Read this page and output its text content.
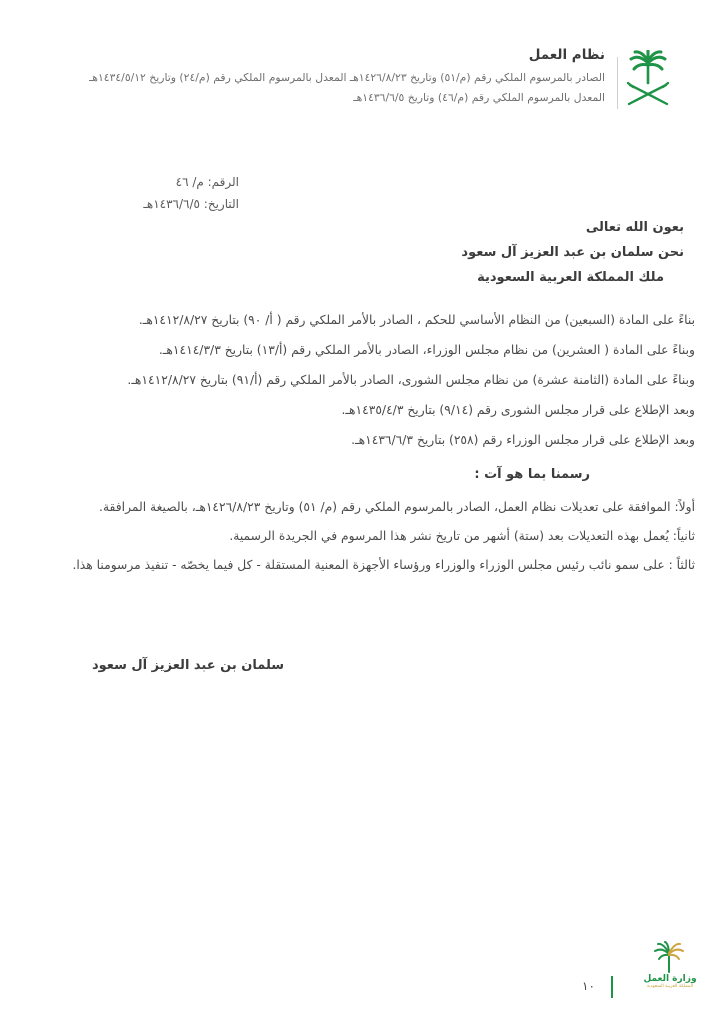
نظام العمل

الصادر بالمرسوم الملكي رقم (م/٥١) وتاريخ ١٤٢٦/٨/٢٣هـ المعدل بالمرسوم الملكي رقم (م/٢٤) وتاريخ ١٤٣٤/٥/١٢هـ

المعدل بالمرسوم الملكي رقم (م/٤٦) وتاريخ ١٤٣٦/٦/٥هـ

الرقم: م/ ٤٦
التاريخ: ١٤٣٦/٦/٥هـ
بعون الله تعالى
نحن سلمان بن عبد العزيز آل سعود
ملك المملكة العربية السعودية

بناءً على المادة (السبعين) من النظام الأساسي للحكم ، الصادر بالأمر الملكي رقم ( أ/ ٩٠) بتاريخ ١٤١٢/٨/٢٧هـ.

وبناءً على المادة ( العشرين) من نظام مجلس الوزراء، الصادر بالأمر الملكي رقم (أ/١٣) بتاريخ ١٤١٤/٣/٣هـ.

وبناءً على المادة (الثامنة عشرة) من نظام مجلس الشورى، الصادر بالأمر الملكي رقم (أ/٩١) بتاريخ ١٤١٢/٨/٢٧هـ.

وبعد الإطلاع على قرار مجلس الشورى رقم (٩/١٤) بتاريخ ١٤٣٥/٤/٣هـ.

وبعد الإطلاع على قرار مجلس الوزراء رقم (٢٥٨) بتاريخ ١٤٣٦/٦/٣هـ.

رسمنا بما هو آت :

أولاً: الموافقة على تعديلات نظام العمل، الصادر بالمرسوم الملكي رقم (م/ ٥١) وتاريخ ١٤٢٦/٨/٢٣هـ، بالصيغة المرافقة.

ثانياً: يُعمل بهذه التعديلات بعد (ستة) أشهر من تاريخ نشر هذا المرسوم في الجريدة الرسمية.

ثالثاً : على سمو نائب رئيس مجلس الوزراء والوزراء ورؤساء الأجهزة المعنية المستقلة - كل فيما يخصّه - تنفيذ مرسومنا هذا.

سلمان بن عبد العزيز آل سعود
وزارة العمل
المملكة العربية السعودية
١٠
